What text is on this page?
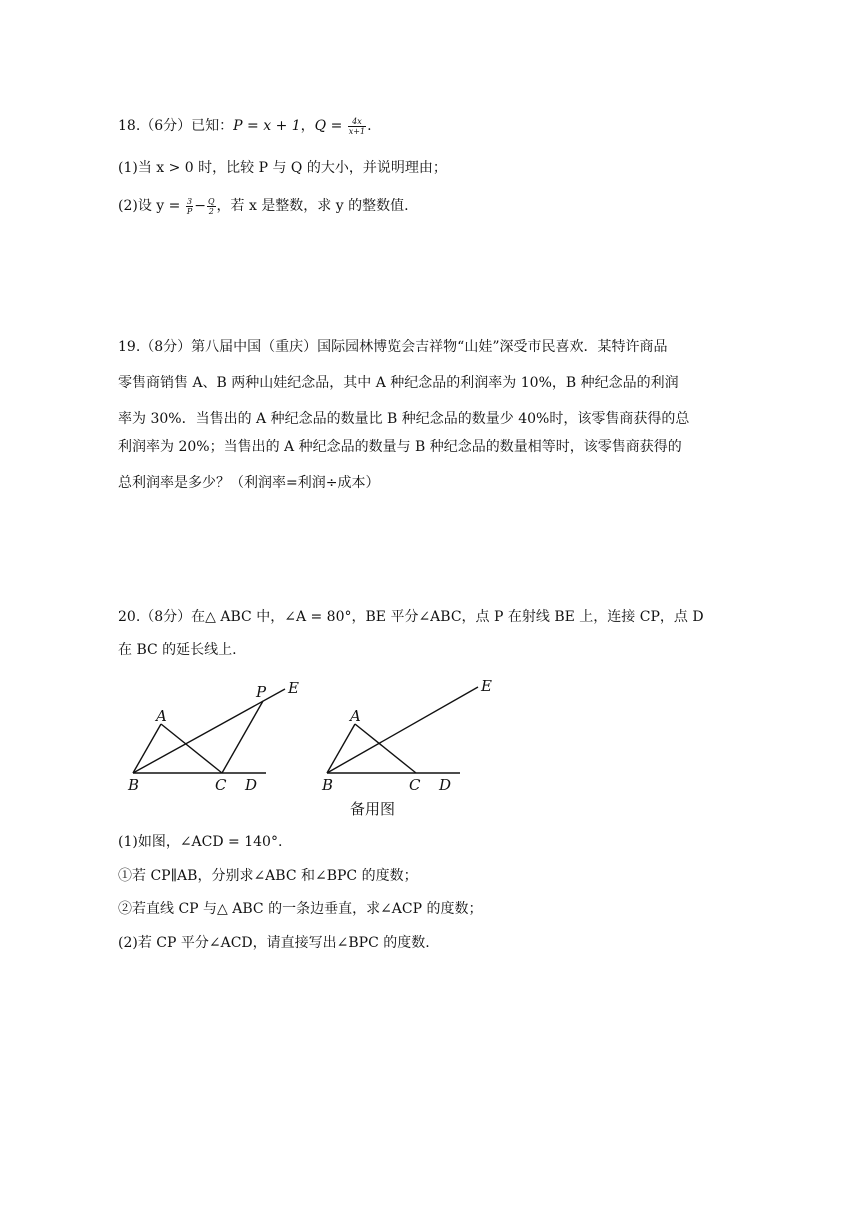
18.（6分）已知：P = x + 1，$Q = \frac{4x}{x+1}$ .
(1)当 x > 0 时，比较 P 与 Q 的大小，并说明理由；
(2)设 $y = \frac{3}{P} - \frac{Q}{2}$ ，若 x 是整数，求 y 的整数值.
19.（8分）第八届中国（重庆）国际园林博览会吉祥物“山娃”深受市民喜欢．某特许商品
零售商销售 A、B 两种山娃纪念品，其中 A 种纪念品的利润率为 10%，B 种纪念品的利润
率为 30%．当售出的 A 种纪念品的数量比 B 种纪念品的数量少 40%时，该零售商获得的总
利润率为 20%；当售出的 A 种纪念品的数量与 B 种纪念品的数量相等时，该零售商获得的
总利润率是多少？（利润率=利润÷成本）
20.（8分）在△ ABC 中，∠A = 80°，BE 平分∠ABC，点 P 在射线 BE 上，连接 CP，点 D
在 BC 的延长线上.
A
B	C D
P E
A
B	C D
E
备用图
(1)如图，∠ACD = 140°.
①若 CP∥AB，分别求∠ABC 和∠BPC 的度数；
②若直线 CP 与△ ABC 的一条边垂直，求∠ACP 的度数；
(2)若 CP 平分∠ACD，请直接写出∠BPC 的度数.
